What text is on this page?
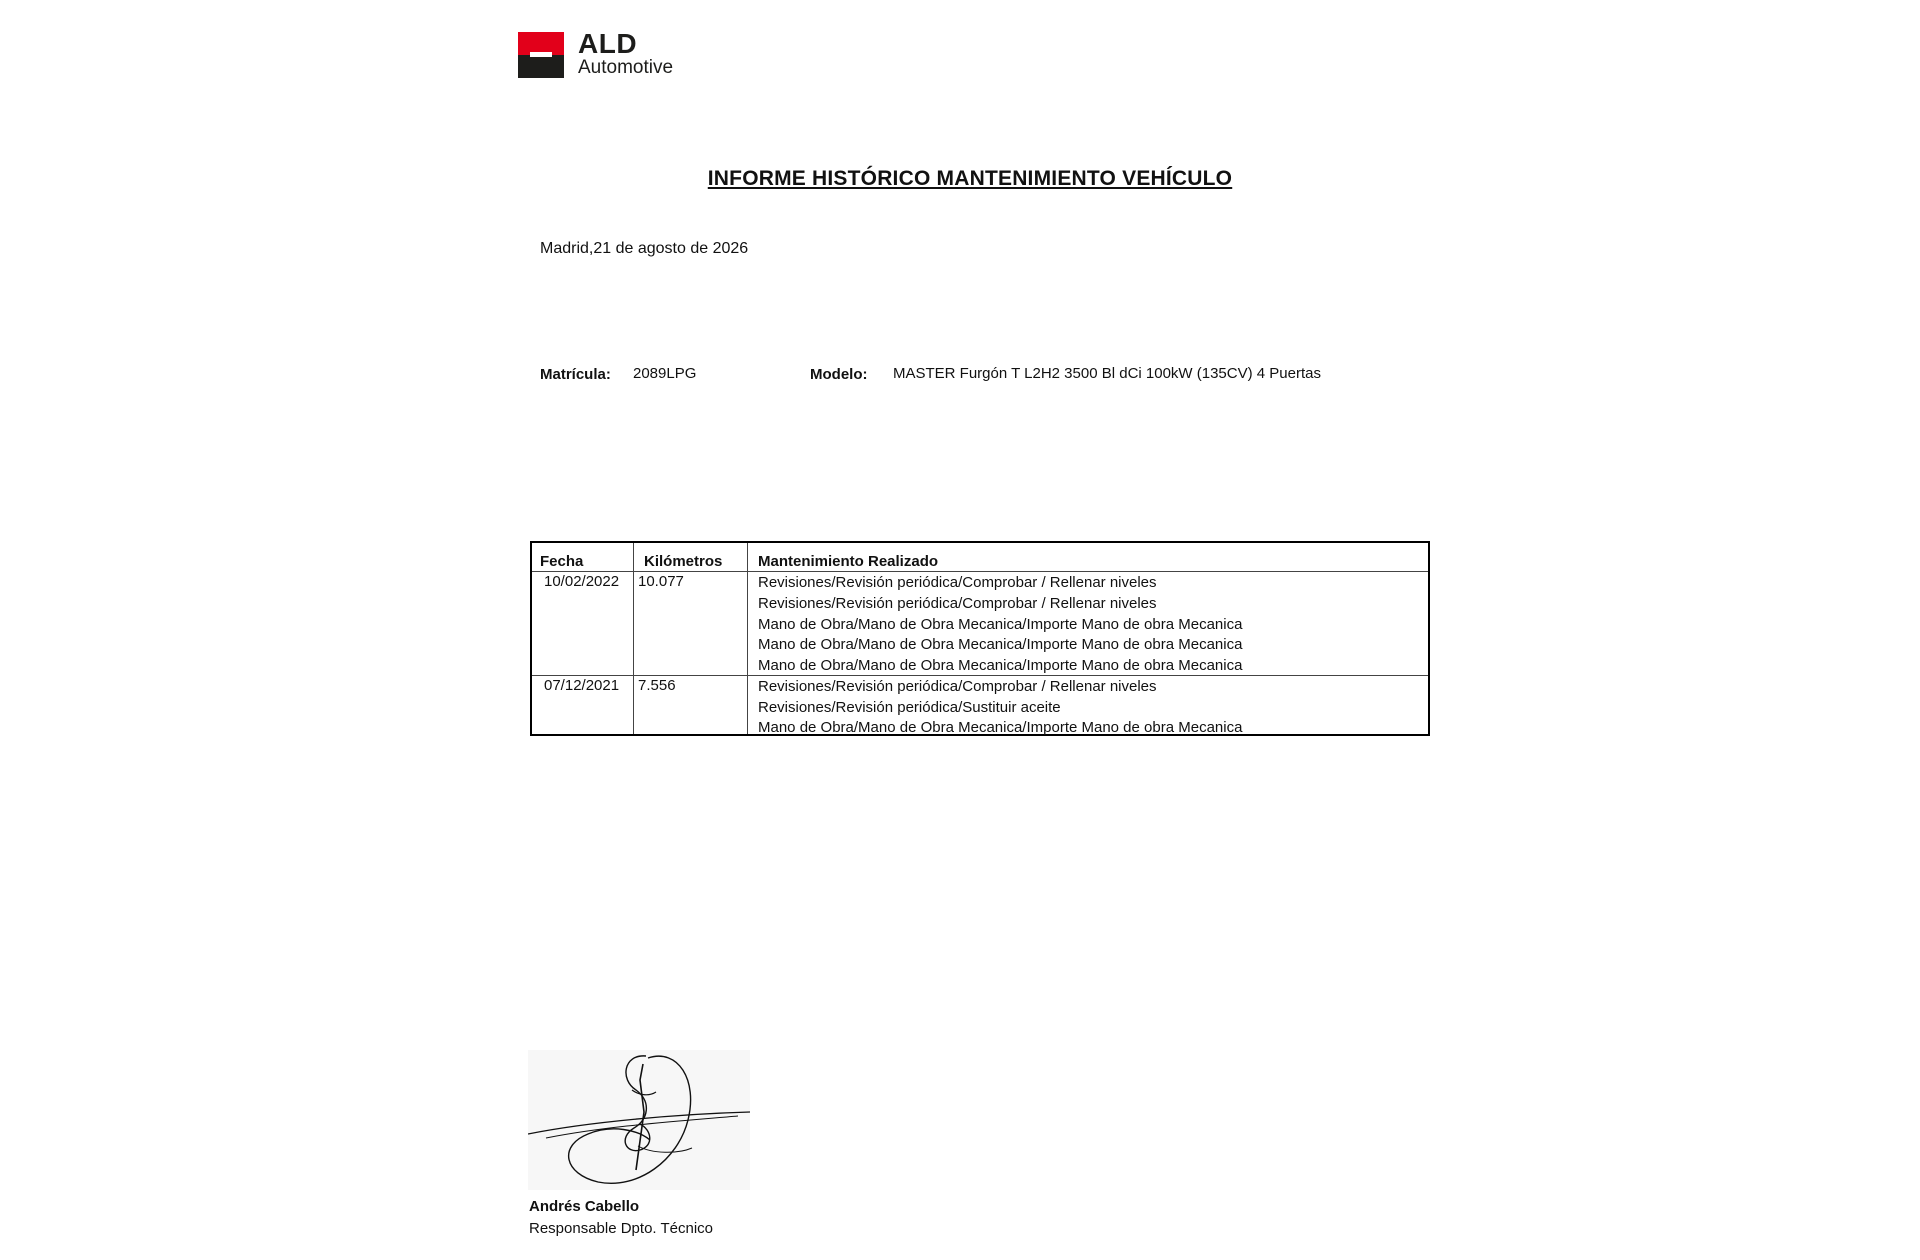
ALD
Automotive
INFORME HISTÓRICO MANTENIMIENTO VEHÍCULO
Madrid,21 de agosto de 2026
Matrícula: 2089LPG	Modelo: MASTER Furgón T L2H2 3500 Bl dCi 100kW (135CV) 4 Puertas
Fecha	Kilómetros Mantenimiento Realizado
10/02/2022 10.077	Revisiones/Revisión periódica/Comprobar / Rellenar niveles
Revisiones/Revisión periódica/Comprobar / Rellenar niveles
Mano de Obra/Mano de Obra Mecanica/Importe Mano de obra Mecanica
Mano de Obra/Mano de Obra Mecanica/Importe Mano de obra Mecanica
Mano de Obra/Mano de Obra Mecanica/Importe Mano de obra Mecanica
07/12/2021 7.556	Revisiones/Revisión periódica/Comprobar / Rellenar niveles
Revisiones/Revisión periódica/Sustituir aceite
Mano de Obra/Mano de Obra Mecanica/Importe Mano de obra Mecanica
Andrés Cabello
Responsable Dpto. Técnico
